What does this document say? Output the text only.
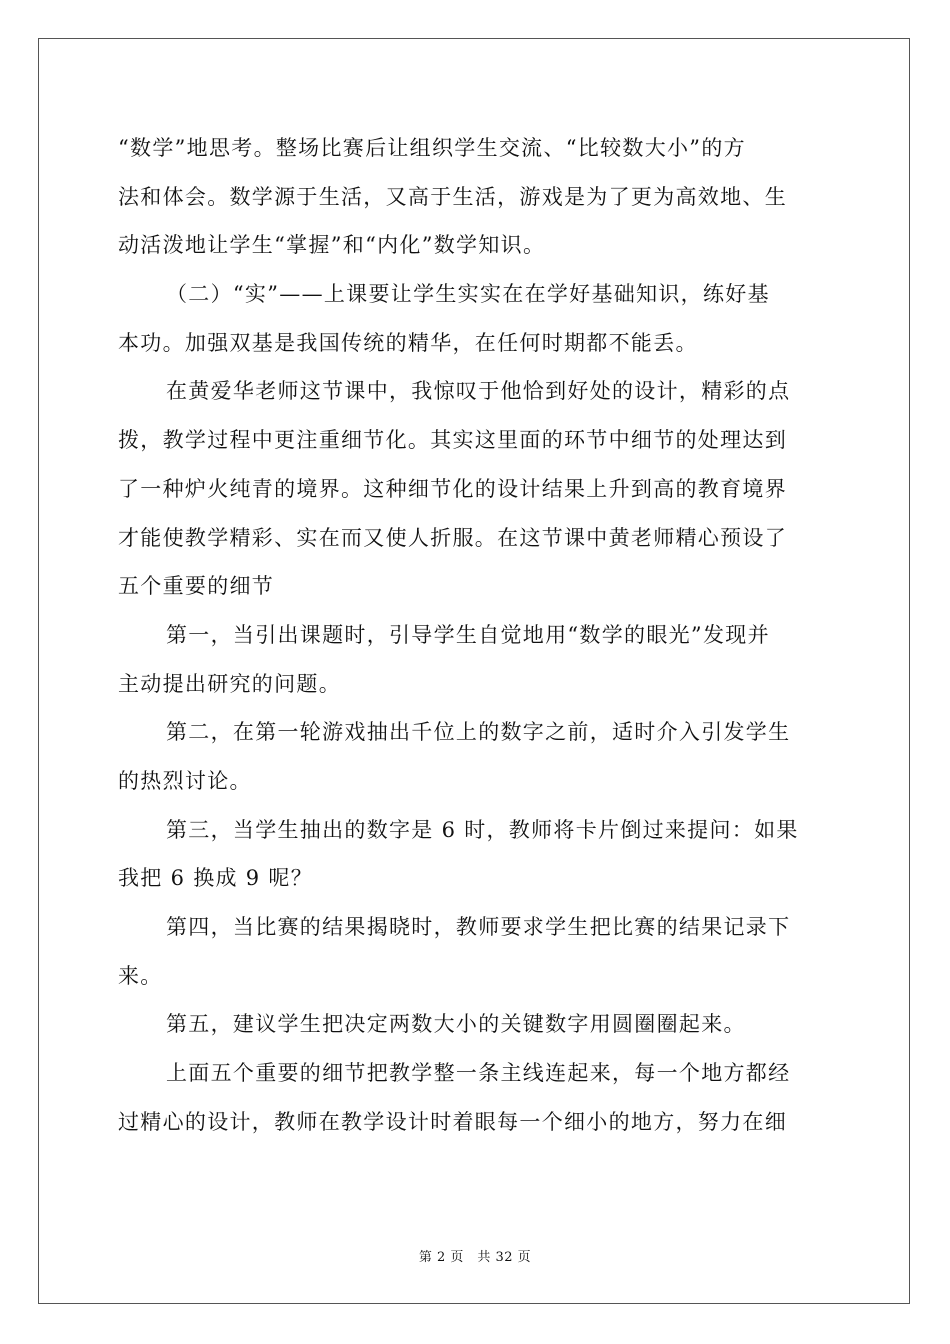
“数学”地思考。整场比赛后让组织学生交流、“比较数大小”的方
法和体会。数学源于生活，又高于生活，游戏是为了更为高效地、生
动活泼地让学生“掌握”和“内化”数学知识。
（二）“实”——上课要让学生实实在在学好基础知识，练好基
本功。加强双基是我国传统的精华，在任何时期都不能丢。
在黄爱华老师这节课中，我惊叹于他恰到好处的设计，精彩的点
拨，教学过程中更注重细节化。其实这里面的环节中细节的处理达到
了一种炉火纯青的境界。这种细节化的设计结果上升到高的教育境界
才能使教学精彩、实在而又使人折服。在这节课中黄老师精心预设了
五个重要的细节
第一，当引出课题时，引导学生自觉地用“数学的眼光”发现并
主动提出研究的问题。
第二，在第一轮游戏抽出千位上的数字之前，适时介入引发学生
的热烈讨论。
第三，当学生抽出的数字是 6 时，教师将卡片倒过来提问：如果
我把 6 换成 9 呢？
第四，当比赛的结果揭晓时，教师要求学生把比赛的结果记录下
来。
第五，建议学生把决定两数大小的关键数字用圆圈圈起来。
上面五个重要的细节把教学整一条主线连起来，每一个地方都经
过精心的设计，教师在教学设计时着眼每一个细小的地方，努力在细
第 2 页　共 32 页
